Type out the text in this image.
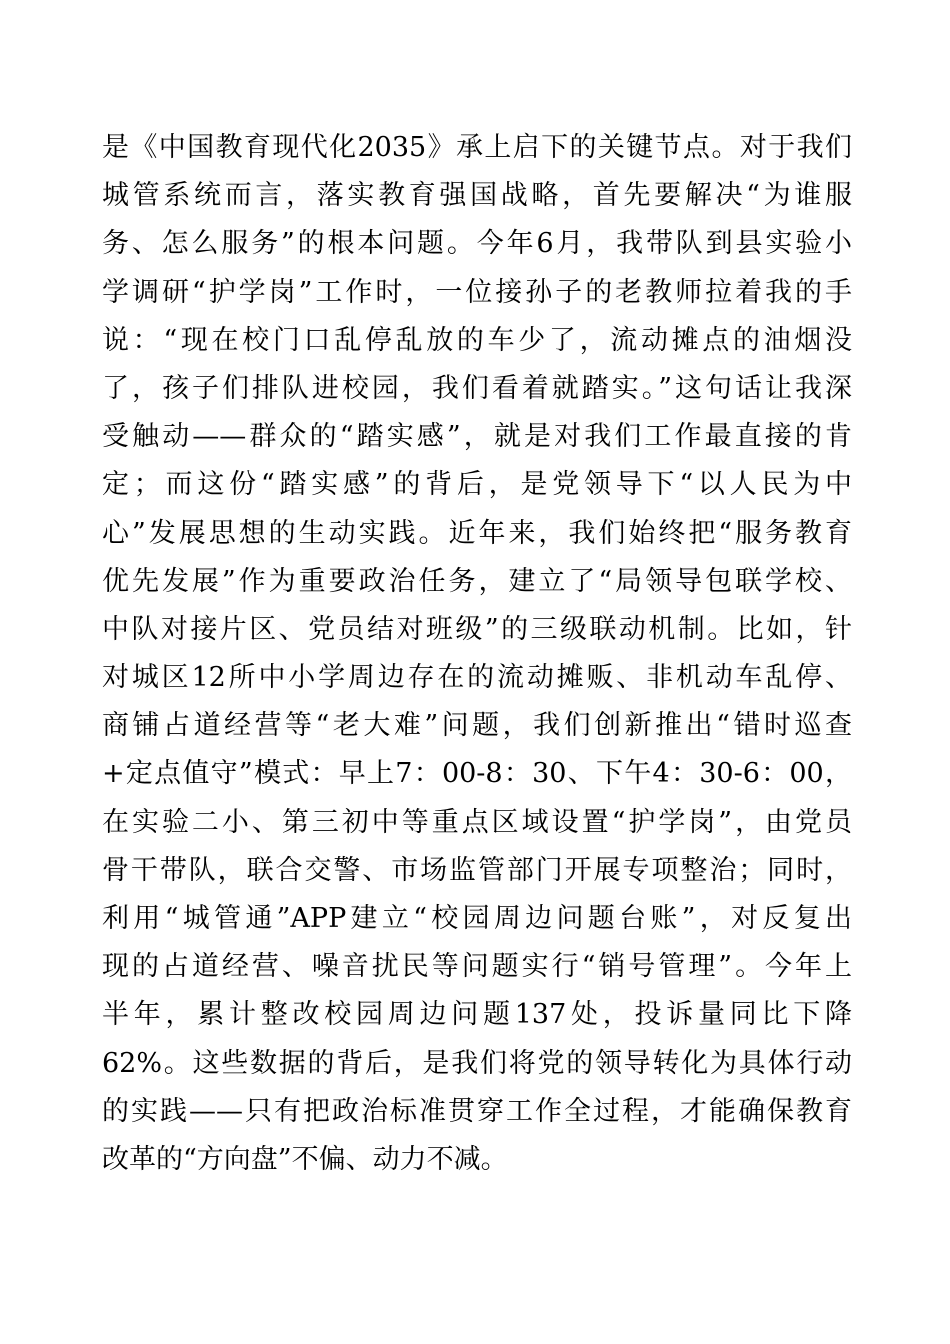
是《中国教育现代化2035》承上启下的关键节点。对于我们
城管系统而言，落实教育强国战略，首先要解决“为谁服
务、怎么服务”的根本问题。今年6月，我带队到县实验小
学调研“护学岗”工作时，一位接孙子的老教师拉着我的手
说：“现在校门口乱停乱放的车少了，流动摊点的油烟没
了，孩子们排队进校园，我们看着就踏实。”这句话让我深
受触动——群众的“踏实感”，就是对我们工作最直接的肯
定；而这份“踏实感”的背后，是党领导下“以人民为中
心”发展思想的生动实践。近年来，我们始终把“服务教育
优先发展”作为重要政治任务，建立了“局领导包联学校、
中队对接片区、党员结对班级”的三级联动机制。比如，针
对城区12所中小学周边存在的流动摊贩、非机动车乱停、
商铺占道经营等“老大难”问题，我们创新推出“错时巡查
+定点值守”模式：早上7：00-8：30、下午4：30-6：00，
在实验二小、第三初中等重点区域设置“护学岗”，由党员
骨干带队，联合交警、市场监管部门开展专项整治；同时，
利用“城管通”APP建立“校园周边问题台账”，对反复出
现的占道经营、噪音扰民等问题实行“销号管理”。今年上
半年，累计整改校园周边问题137处，投诉量同比下降
62%。这些数据的背后，是我们将党的领导转化为具体行动
的实践——只有把政治标准贯穿工作全过程，才能确保教育
改革的“方向盘”不偏、动力不减。
